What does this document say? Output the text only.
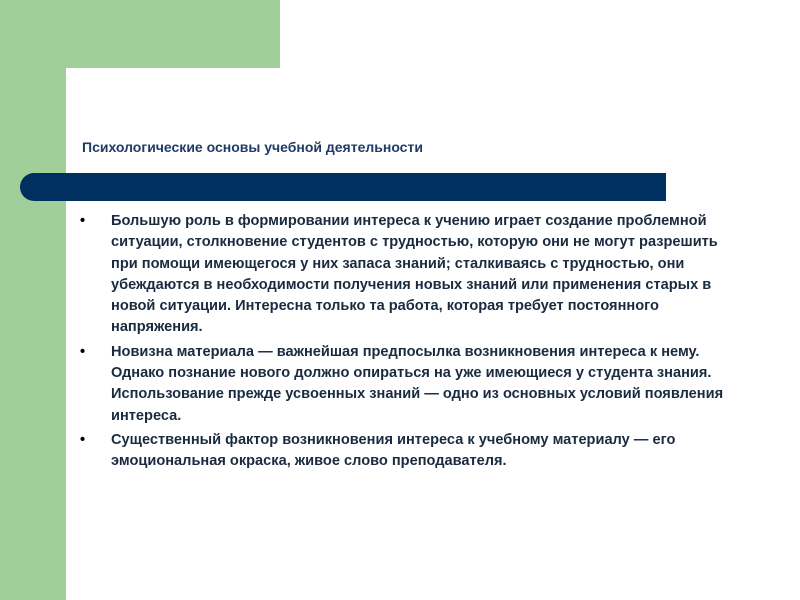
Психологические основы учебной деятельности
•	Большую роль в формировании интереса к учению играет создание проблемной ситуации, столкновение студентов с трудностью, которую они не могут разрешить при помощи имеющегося у них запаса знаний; сталкиваясь с трудностью, они убеждаются в необходимости получения новых знаний или применения старых в новой ситуации. Интересна только та работа, которая требует постоянного напряжения.
•	Новизна материала — важнейшая предпосылка возникновения интереса к нему. Однако познание нового должно опираться на уже имеющиеся у студента знания. Использование прежде усвоенных знаний — одно из основных условий появления интереса.
•	Существенный фактор возникновения интереса к учебному материалу — его эмоциональная окраска, живое слово преподавателя.
